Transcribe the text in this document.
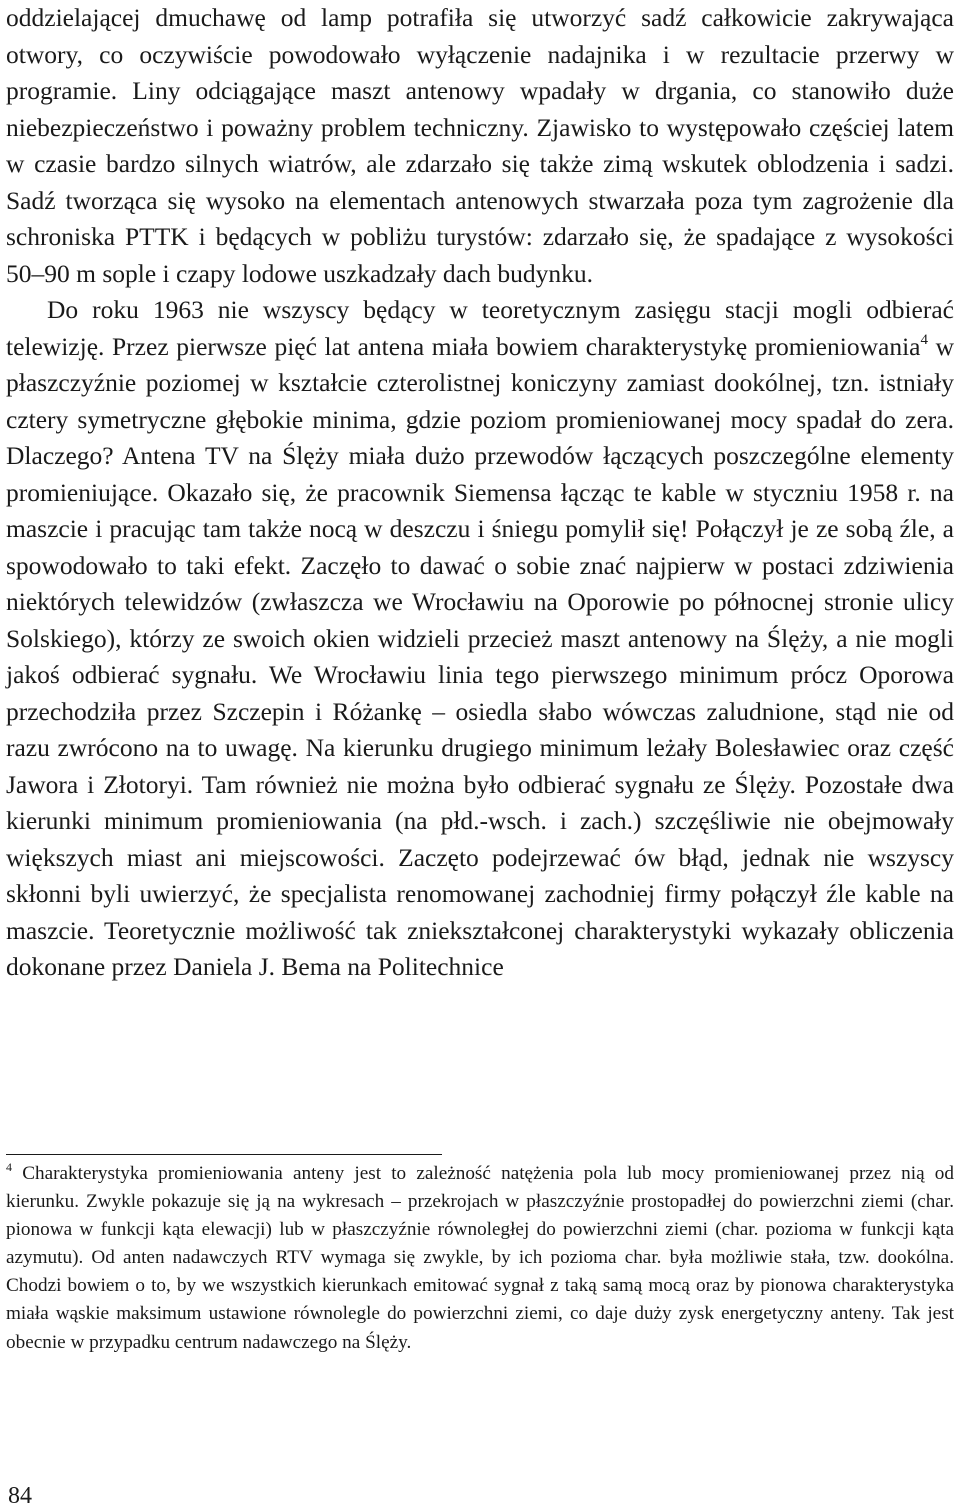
oddzielającej dmuchawę od lamp potrafiła się utworzyć sadź całkowicie zakrywająca otwory, co oczywiście powodowało wyłączenie nadajnika i w rezultacie przerwy w programie. Liny odciągające maszt antenowy wpadały w drgania, co stanowiło duże niebezpieczeństwo i poważny problem techniczny. Zjawisko to występowało częściej latem w czasie bardzo silnych wiatrów, ale zdarzało się także zimą wskutek oblodzenia i sadzi. Sadź tworząca się wysoko na elementach antenowych stwarzała poza tym zagrożenie dla schroniska PTTK i będących w pobliżu turystów: zdarzało się, że spadające z wysokości 50–90 m sople i czapy lodowe uszkadzały dach budynku.

Do roku 1963 nie wszyscy będący w teoretycznym zasięgu stacji mogli odbierać telewizję. Przez pierwsze pięć lat antena miała bowiem charakterystykę promieniowania$^4$ w płaszczyźnie poziomej w kształcie czterolistnej koniczyny zamiast dookólnej, tzn. istniały cztery symetryczne głębokie minima, gdzie poziom promieniowanej mocy spadał do zera. Dlaczego? Antena TV na Ślęży miała dużo przewodów łączących poszczególne elementy promieniujące. Okazało się, że pracownik Siemensa łącząc te kable w styczniu 1958 r. na maszcie i pracując tam także nocą w deszczu i śniegu pomylił się! Połączył je ze sobą źle, a spowodowało to taki efekt. Zaczęło to dawać o sobie znać najpierw w postaci zdziwienia niektórych telewidzów (zwłaszcza we Wrocławiu na Oporowie po północnej stronie ulicy Solskiego), którzy ze swoich okien widzieli przecież maszt antenowy na Ślęży, a nie mogli jakoś odbierać sygnału. We Wrocławiu linia tego pierwszego minimum prócz Oporowa przechodziła przez Szczepin i Różankę – osiedla słabo wówczas zaludnione, stąd nie od razu zwrócono na to uwagę. Na kierunku drugiego minimum leżały Bolesławiec oraz część Jawora i Złotoryi. Tam również nie można było odbierać sygnału ze Ślęży. Pozostałe dwa kierunki minimum promieniowania (na płd.-wsch. i zach.) szczęśliwie nie obejmowały większych miast ani miejscowości. Zaczęto podejrzewać ów błąd, jednak nie wszyscy skłonni byli uwierzyć, że specjalista renomowanej zachodniej firmy połączył źle kable na maszcie. Teoretycznie możliwość tak zniekształconej charakterystyki wykazały obliczenia dokonane przez Daniela J. Bema na Politechnice

$^4$ Charakterystyka promieniowania anteny jest to zależność natężenia pola lub mocy promieniowanej przez nią od kierunku. Zwykle pokazuje się ją na wykresach – przekrojach w płaszczyźnie prostopadłej do powierzchni ziemi (char. pionowa w funkcji kąta elewacji) lub w płaszczyźnie równoległej do powierzchni ziemi (char. pozioma w funkcji kąta azymutu). Od anten nadawczych RTV wymaga się zwykle, by ich pozioma char. była możliwie stała, tzw. dookólna. Chodzi bowiem o to, by we wszystkich kierunkach emitować sygnał z taką samą mocą oraz by pionowa charakterystyka miała wąskie maksimum ustawione równolegle do powierzchni ziemi, co daje duży zysk energetyczny anteny. Tak jest obecnie w przypadku centrum nadawczego na Ślęży.

84
